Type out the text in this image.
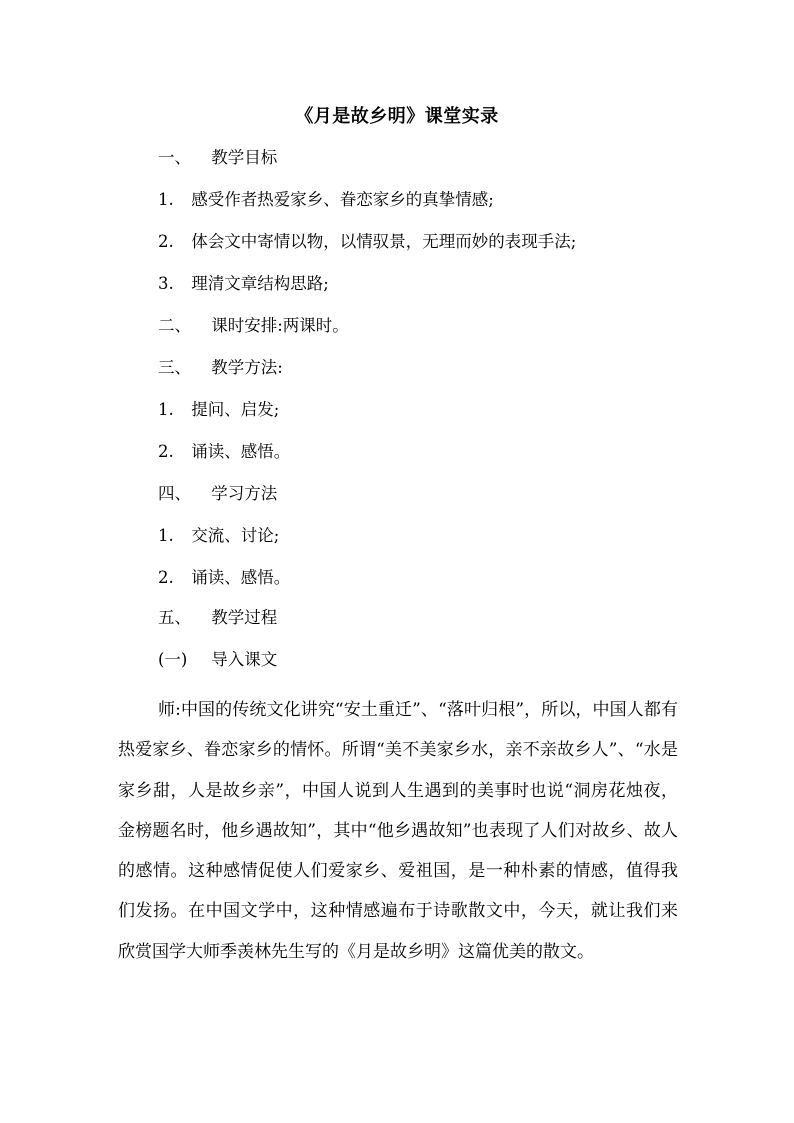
《月是故乡明》课堂实录
一、 教学目标
1. 感受作者热爱家乡、眷恋家乡的真挚情感;
2. 体会文中寄情以物，以情驭景，无理而妙的表现手法;
3. 理清文章结构思路;
二、 课时安排:两课时。
三、 教学方法:
1. 提问、启发;
2. 诵读、感悟。
四、 学习方法
1. 交流、讨论;
2. 诵读、感悟。
五、 教学过程
(一) 导入课文

师:中国的传统文化讲究“安土重迁”、“落叶归根”，所以，中国人都有热爱家乡、眷恋家乡的情怀。所谓“美不美家乡水，亲不亲故乡人”、“水是家乡甜，人是故乡亲”，中国人说到人生遇到的美事时也说“洞房花烛夜，金榜题名时，他乡遇故知”，其中“他乡遇故知”也表现了人们对故乡、故人的感情。这种感情促使人们爱家乡、爱祖国，是一种朴素的情感，值得我们发扬。在中国文学中，这种情感遍布于诗歌散文中，今天，就让我们来欣赏国学大师季羡林先生写的《月是故乡明》这篇优美的散文。
